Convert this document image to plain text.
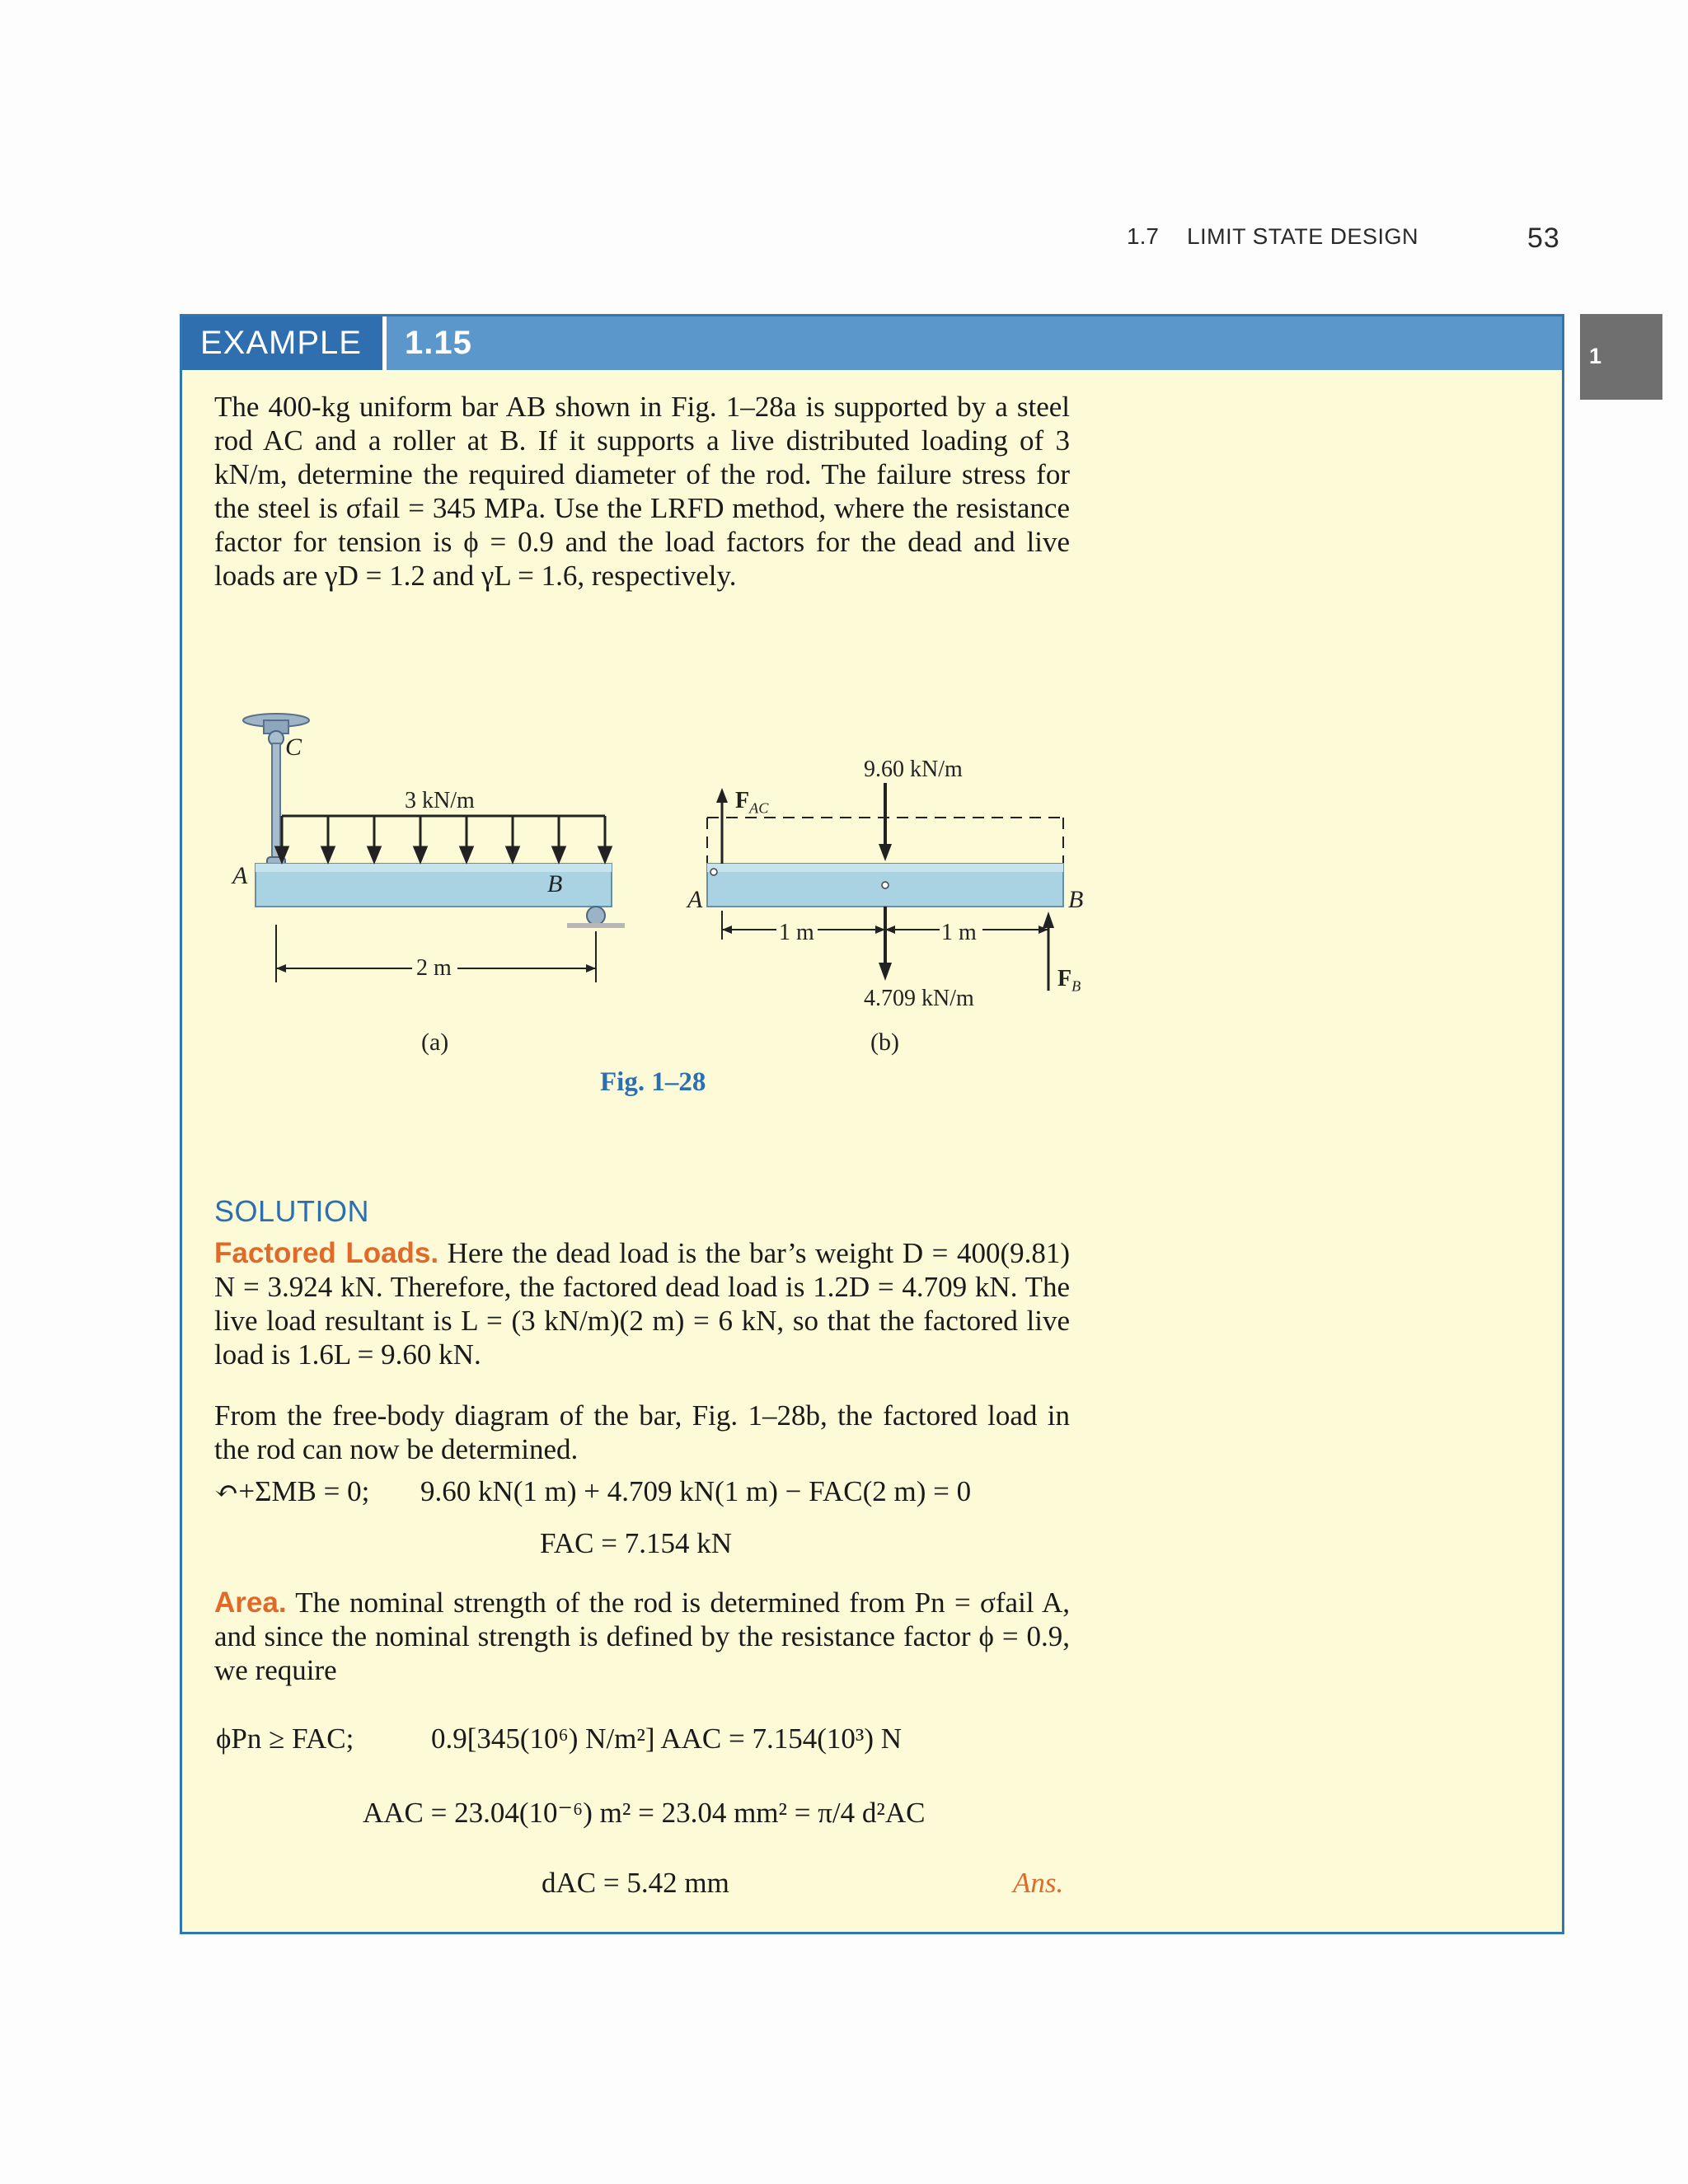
1.7 LIMIT STATE DESIGN	53
1
EXAMPLE	1.15
The 400-kg uniform bar AB shown in Fig. 1–28a is supported by a steel rod AC and a roller at B. If it supports a live distributed loading of 3 kN/m, determine the required diameter of the rod. The failure stress for the steel is σfail = 345 MPa. Use the LRFD method, where the resistance factor for tension is ϕ = 0.9 and the load factors for the dead and live loads are γD = 1.2 and γL = 1.6, respectively.
C
A	B
3 kN/m
2 m
(a)
$F_{AC}$
$F_B$
9.60 kN/m
4.709 kN/m
1 m	1 m
A	B
(b)
Fig. 1–28
SOLUTION
Factored Loads. Here the dead load is the bar’s weight D = 400(9.81) N = 3.924 kN. Therefore, the factored dead load is 1.2D = 4.709 kN. The live load resultant is L = (3 kN/m)(2 m) = 6 kN, so that the factored live load is 1.6L = 9.60 kN.
From the free-body diagram of the bar, Fig. 1–28b, the factored load in the rod can now be determined.
↶+ΣMB = 0; 9.60 kN(1 m) + 4.709 kN(1 m) − FAC(2 m) = 0
FAC = 7.154 kN
Area. The nominal strength of the rod is determined from Pn = σfail A, and since the nominal strength is defined by the resistance factor ϕ = 0.9, we require
ϕPn ≥ FAC;	0.9[345(10⁶) N/m²] AAC = 7.154(10³) N
AAC = 23.04(10⁻⁶) m² = 23.04 mm² = π/4 d²AC
dAC = 5.42 mm	Ans.
